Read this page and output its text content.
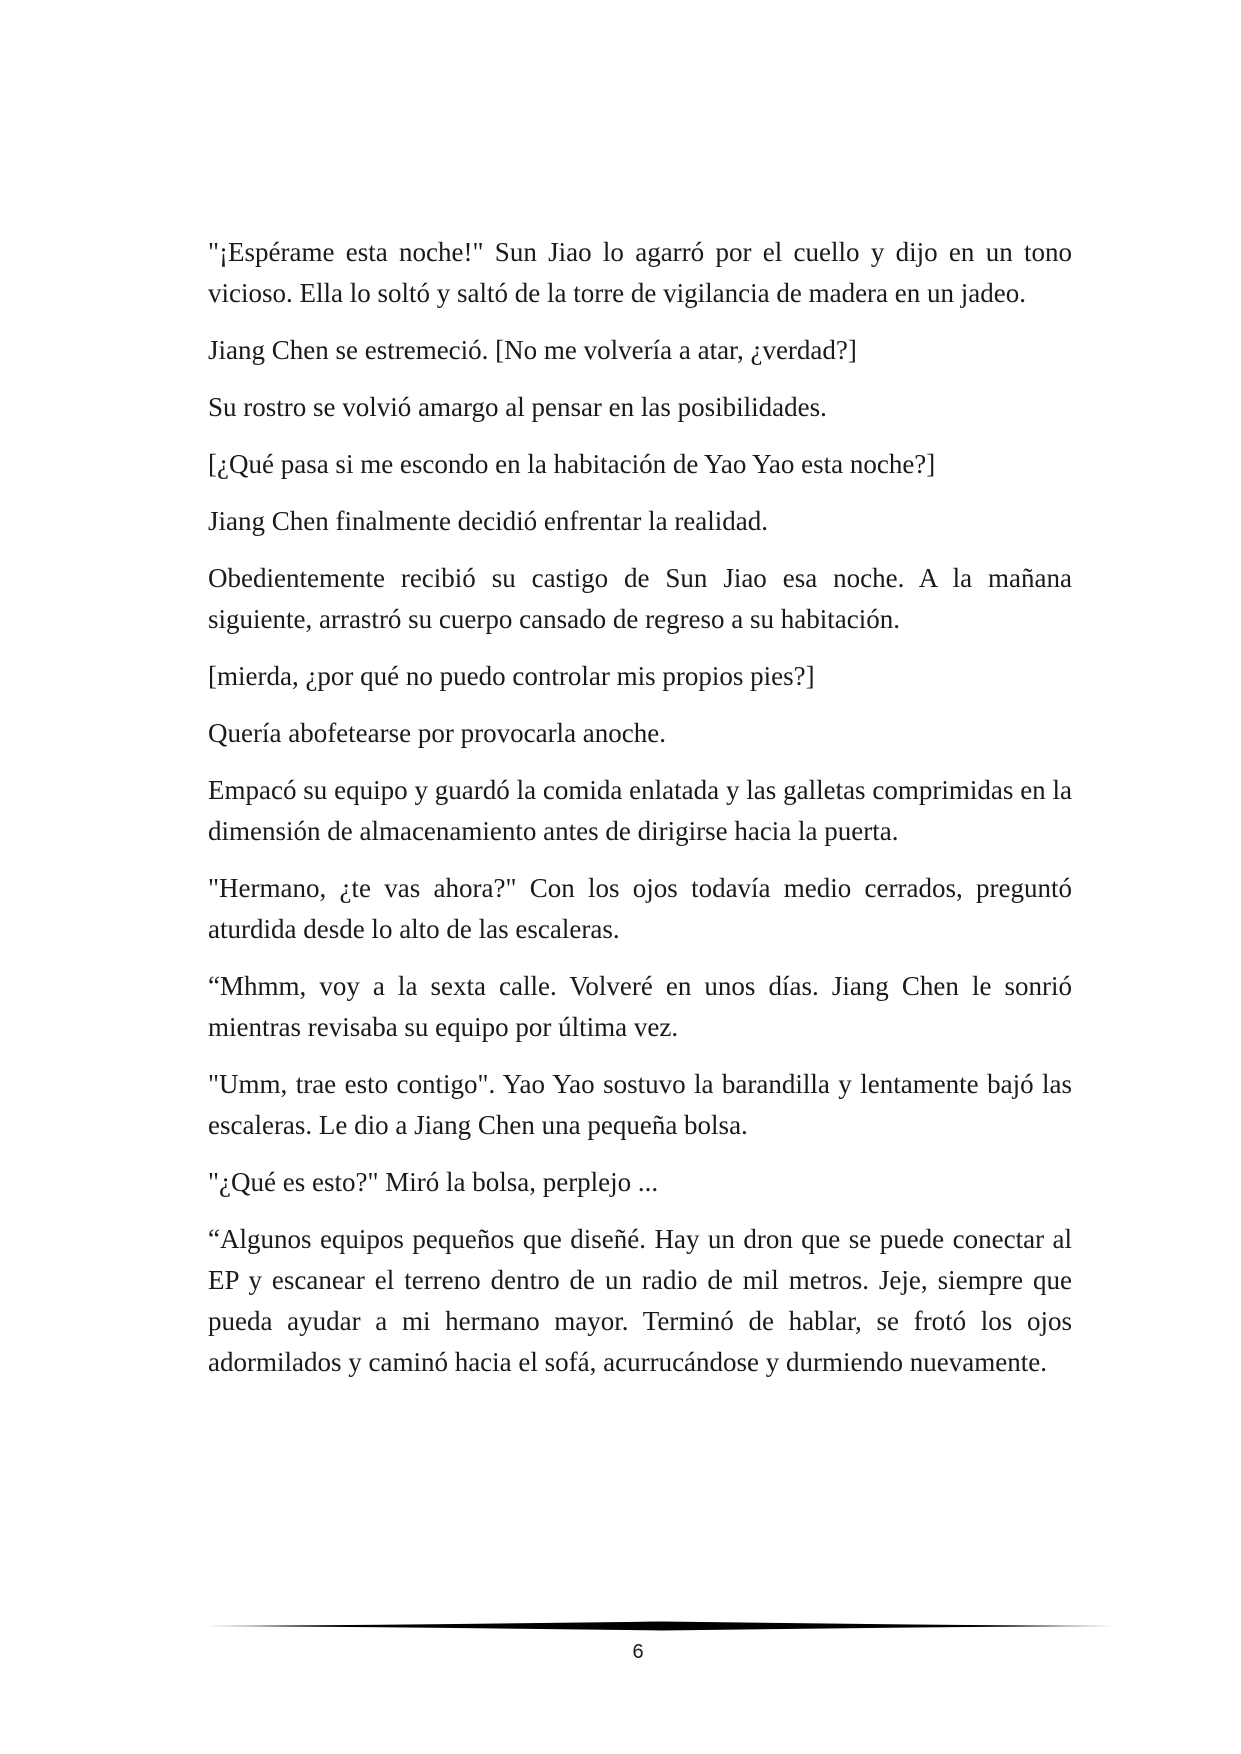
"¡Espérame esta noche!" Sun Jiao lo agarró por el cuello y dijo en un tono vicioso. Ella lo soltó y saltó de la torre de vigilancia de madera en un jadeo.

Jiang Chen se estremeció. [No me volvería a atar, ¿verdad?]

Su rostro se volvió amargo al pensar en las posibilidades.

[¿Qué pasa si me escondo en la habitación de Yao Yao esta noche?]

Jiang Chen finalmente decidió enfrentar la realidad.

Obedientemente recibió su castigo de Sun Jiao esa noche. A la mañana siguiente, arrastró su cuerpo cansado de regreso a su habitación.

[mierda, ¿por qué no puedo controlar mis propios pies?]

Quería abofetearse por provocarla anoche.

Empacó su equipo y guardó la comida enlatada y las galletas comprimidas en la dimensión de almacenamiento antes de dirigirse hacia la puerta.

"Hermano, ¿te vas ahora?" Con los ojos todavía medio cerrados, preguntó aturdida desde lo alto de las escaleras.

“Mhmm, voy a la sexta calle. Volveré en unos días. Jiang Chen le sonrió mientras revisaba su equipo por última vez.

"Umm, trae esto contigo". Yao Yao sostuvo la barandilla y lentamente bajó las escaleras. Le dio a Jiang Chen una pequeña bolsa.

"¿Qué es esto?" Miró la bolsa, perplejo ...

“Algunos equipos pequeños que diseñé. Hay un dron que se puede conectar al EP y escanear el terreno dentro de un radio de mil metros. Jeje, siempre que pueda ayudar a mi hermano mayor. Terminó de hablar, se frotó los ojos adormilados y caminó hacia el sofá, acurrucándose y durmiendo nuevamente.

6
